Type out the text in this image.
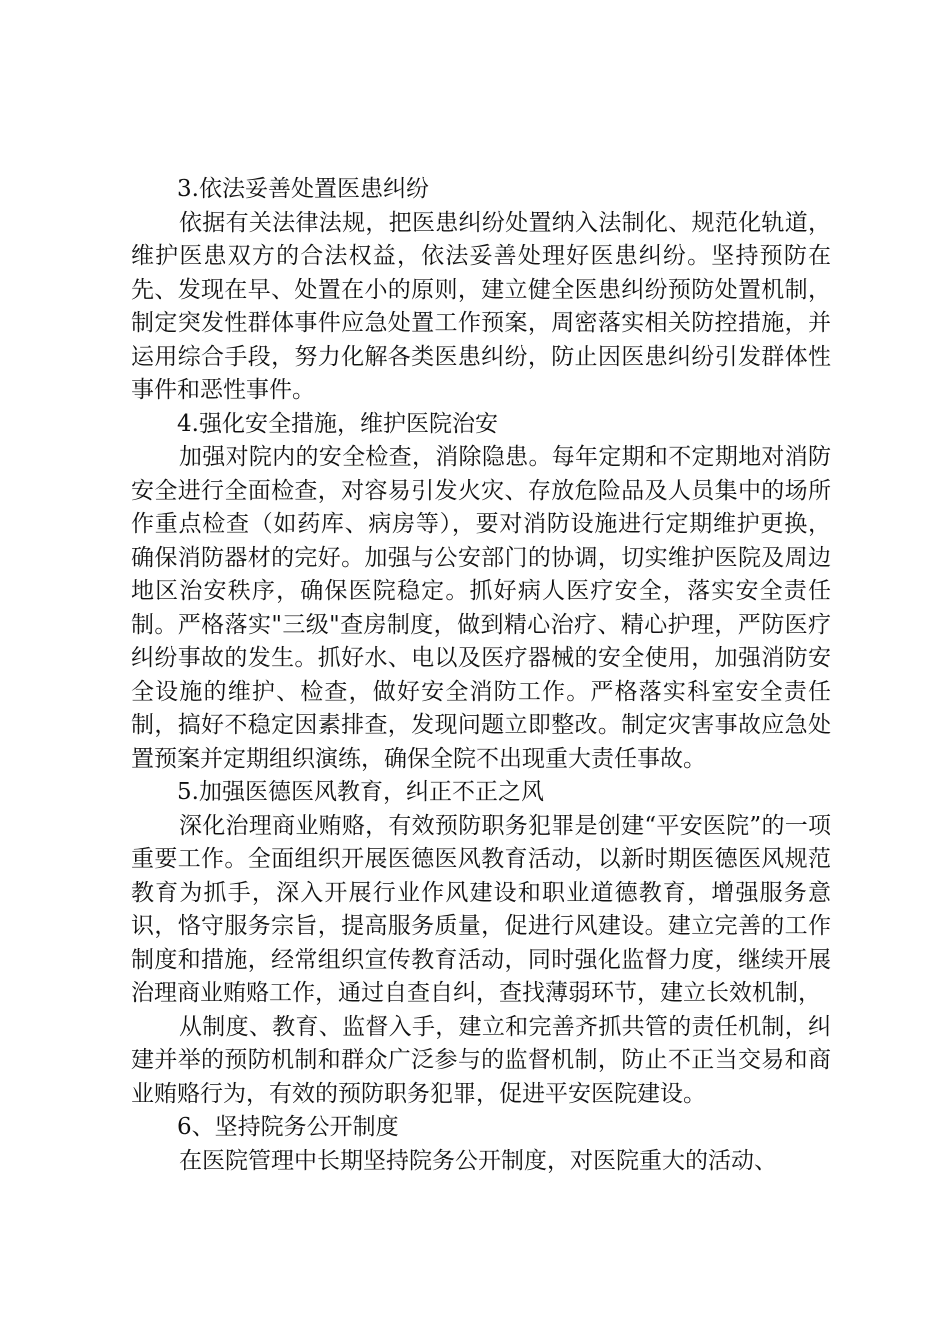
3.依法妥善处置医患纠纷

依据有关法律法规，把医患纠纷处置纳入法制化、规范化轨道，维护医患双方的合法权益，依法妥善处理好医患纠纷。坚持预防在先、发现在早、处置在小的原则，建立健全医患纠纷预防处置机制，制定突发性群体事件应急处置工作预案，周密落实相关防控措施，并运用综合手段，努力化解各类医患纠纷，防止因医患纠纷引发群体性事件和恶性事件。

4.强化安全措施，维护医院治安

加强对院内的安全检查，消除隐患。每年定期和不定期地对消防安全进行全面检查，对容易引发火灾、存放危险品及人员集中的场所作重点检查（如药库、病房等），要对消防设施进行定期维护更换，确保消防器材的完好。加强与公安部门的协调，切实维护医院及周边地区治安秩序，确保医院稳定。抓好病人医疗安全，落实安全责任制。严格落实"三级"查房制度，做到精心治疗、精心护理，严防医疗纠纷事故的发生。抓好水、电以及医疗器械的安全使用，加强消防安全设施的维护、检查，做好安全消防工作。严格落实科室安全责任制，搞好不稳定因素排查，发现问题立即整改。制定灾害事故应急处置预案并定期组织演练，确保全院不出现重大责任事故。

5.加强医德医风教育，纠正不正之风

深化治理商业贿赂，有效预防职务犯罪是创建“平安医院”的一项重要工作。全面组织开展医德医风教育活动，以新时期医德医风规范教育为抓手，深入开展行业作风建设和职业道德教育，增强服务意识，恪守服务宗旨，提高服务质量，促进行风建设。建立完善的工作制度和措施，经常组织宣传教育活动，同时强化监督力度，继续开展治理商业贿赂工作，通过自查自纠，查找薄弱环节，建立长效机制，

从制度、教育、监督入手，建立和完善齐抓共管的责任机制，纠建并举的预防机制和群众广泛参与的监督机制，防止不正当交易和商业贿赂行为，有效的预防职务犯罪，促进平安医院建设。

6、坚持院务公开制度

在医院管理中长期坚持院务公开制度，对医院重大的活动、
